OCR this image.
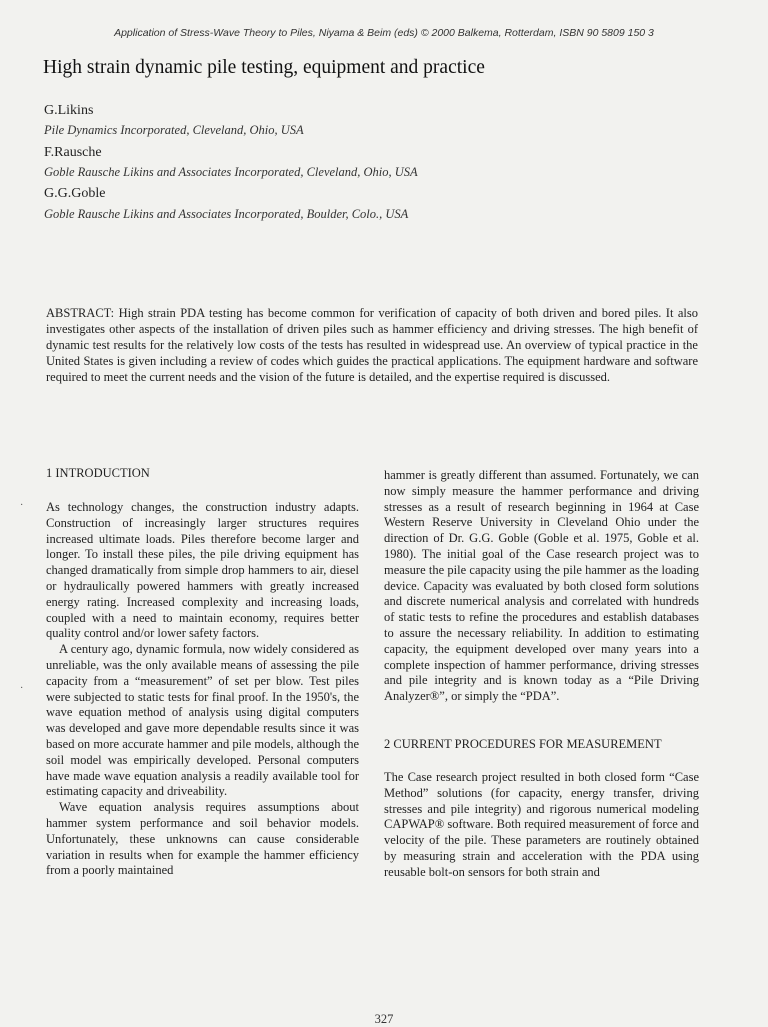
Application of Stress-Wave Theory to Piles, Niyama & Beim (eds) © 2000 Balkema, Rotterdam, ISBN 90 5809 150 3
High strain dynamic pile testing, equipment and practice
G.Likins
Pile Dynamics Incorporated, Cleveland, Ohio, USA
F.Rausche
Goble Rausche Likins and Associates Incorporated, Cleveland, Ohio, USA
G.G.Goble
Goble Rausche Likins and Associates Incorporated, Boulder, Colo., USA
ABSTRACT: High strain PDA testing has become common for verification of capacity of both driven and bored piles. It also investigates other aspects of the installation of driven piles such as hammer efficiency and driving stresses. The high benefit of dynamic test results for the relatively low costs of the tests has resulted in widespread use. An overview of typical practice in the United States is given including a review of codes which guides the practical applications. The equipment hardware and software required to meet the current needs and the vision of the future is detailed, and the expertise required is discussed.
·
·
1 INTRODUCTION

As technology changes, the construction industry adapts. Construction of increasingly larger structures requires increased ultimate loads. Piles therefore become larger and longer. To install these piles, the pile driving equipment has changed dramatically from simple drop hammers to air, diesel or hydraulically powered hammers with greatly increased energy rating. Increased complexity and increasing loads, coupled with a need to maintain economy, requires better quality control and/or lower safety factors.

A century ago, dynamic formula, now widely considered as unreliable, was the only available means of assessing the pile capacity from a “measurement” of set per blow. Test piles were subjected to static tests for final proof. In the 1950's, the wave equation method of analysis using digital computers was developed and gave more dependable results since it was based on more accurate hammer and pile models, although the soil model was empirically developed. Personal computers have made wave equation analysis a readily available tool for estimating capacity and driveability.

Wave equation analysis requires assumptions about hammer system performance and soil behavior models. Unfortunately, these unknowns can cause considerable variation in results when for example the hammer efficiency from a poorly maintained

hammer is greatly different than assumed. Fortunately, we can now simply measure the hammer performance and driving stresses as a result of research beginning in 1964 at Case Western Reserve University in Cleveland Ohio under the direction of Dr. G.G. Goble (Goble et al. 1975, Goble et al. 1980). The initial goal of the Case research project was to measure the pile capacity using the pile hammer as the loading device. Capacity was evaluated by both closed form solutions and discrete numerical analysis and correlated with hundreds of static tests to refine the procedures and establish databases to assure the necessary reliability. In addition to estimating capacity, the equipment developed over many years into a complete inspection of hammer performance, driving stresses and pile integrity and is known today as a “Pile Driving Analyzer®”, or simply the “PDA”.

2 CURRENT PROCEDURES FOR MEASUREMENT

The Case research project resulted in both closed form “Case Method” solutions (for capacity, energy transfer, driving stresses and pile integrity) and rigorous numerical modeling CAPWAP® software. Both required measurement of force and velocity of the pile. These parameters are routinely obtained by measuring strain and acceleration with the PDA using reusable bolt-on sensors for both strain and

327
